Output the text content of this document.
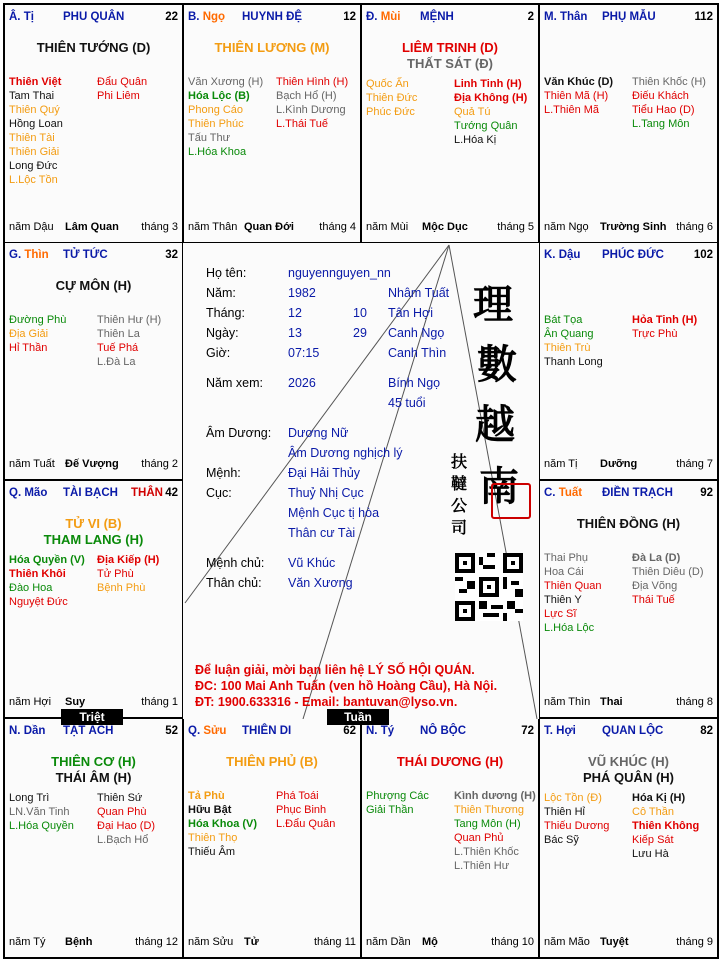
Â. Tị	PHU QUÂN	22
THIÊN TƯỚNG (D)
Thiên Việt
Tam Thai
Thiên Quý
Hồng Loan
Thiên Tài
Thiên Giải
Long Đức
L.Lộc Tồn
Đẩu Quân
Phi Liêm
năm Dậu Lâm Quan tháng 3
B. Ngọ HUYNH ĐỆ	12
THIÊN LƯƠNG (M)
Văn Xương (H)
Hóa Lộc (B)
Phong Cáo
Thiên Phúc
Tấu Thư
L.Hóa Khoa
Thiên Hình (H)
Bạch Hổ (H)
L.Kình Dương
L.Thái Tuế
năm Thân Quan Đới tháng 4
Đ. Mùi MỆNH	2
LIÊM TRINH (D)
THẤT SÁT (Đ)
Quốc Ấn
Thiên Đức
Phúc Đức
Linh Tinh (H)
Địa Không (H)
Quả Tú
Tướng Quân
L.Hóa Kị
năm Mùi Mộc Dục	tháng 5
M. Thân PHỤ MẪU	112
Văn Khúc (D)
Thiên Mã (H)
L.Thiên Mã
Thiên Khốc (H)
Điếu Khách
Tiểu Hao (D)
L.Tang Môn
năm Ngọ Trường Sinh tháng 6
G. Thìn TỬ TỨC	32
CỰ MÔN (H)
Đường Phù
Địa Giải
Hỉ Thần
Thiên Hư (H)
Thiên La
Tuế Phá
L.Đà La
năm Tuất Đế Vượng tháng 2
K. Dậu PHÚC ĐỨC	102
Bát Tọa
Ân Quang
Thiên Trù
Thanh Long
Hỏa Tinh (H)
Trực Phù
năm Tị Dưỡng	tháng 7
Q. Mão TÀI BẠCH THÂN 42
TỬ VI (B)
THAM LANG (H)
Hóa Quyền (V)
Thiên Khôi
Đào Hoa
Nguyệt Đức
Địa Kiếp (H)
Tử Phù
Bệnh Phù
năm Hợi Suy	tháng 1
C. Tuất ĐIỀN TRẠCH 92
THIÊN ĐỒNG (H)
Thai Phụ
Hoa Cái
Thiên Quan
Thiên Y
Lực Sĩ
L.Hóa Lộc
Đà La (D)
Thiên Diêu (D)
Địa Võng
Thái Tuế
năm Thìn Thai	tháng 8
N. Dần TẬT ÁCH	52
THIÊN CƠ (H)
THÁI ÂM (H)
Long Trì
LN.Văn Tinh
L.Hóa Quyền
Thiên Sứ
Quan Phù
Đại Hao (D)
L.Bạch Hổ
năm Tý Bệnh	tháng 12
Q. Sửu THIÊN DI	62
THIÊN PHỦ (B)
Tả Phù
Hữu Bật
Hóa Khoa (V)
Thiên Thọ
Thiếu Âm
Phá Toái
Phục Binh
L.Đẩu Quân
năm Sửu Tử	tháng 11
N. Tý NÔ BỘC	72
THÁI DƯƠNG (H)
Phượng Các
Giải Thần
Kình dương (H)
Thiên Thương
Tang Môn (H)
Quan Phủ
L.Thiên Khốc
L.Thiên Hư
năm Dần Mộ	tháng 10
T. Hợi QUAN LỘC	82
VŨ KHÚC (H)
PHÁ QUÂN (H)
Lộc Tồn (Đ)
Thiên Hỉ
Thiếu Dương
Bác Sỹ
Hóa Kị (H)
Cô Thần
Thiên Không
Kiếp Sát
Lưu Hà
năm Mão Tuyệt	tháng 9
Họ tên:	nguyennguyen_nn
Năm:	1982	Nhâm Tuất
Tháng:	12	10 Tân Hợi
Ngày:	13	29 Canh Ngọ
Giờ:	07:15	Canh Thìn
Năm xem: 2026	Bính Ngọ
45 tuổi
Âm Dương: Dương Nữ
Âm Dương nghịch lý
Mệnh:	Đại Hải Thủy
Cục:	Thuỷ Nhị Cục
Mệnh Cục tị hòa
Thân cư Tài
Mệnh chủ: Vũ Khúc
Thân chủ: Văn Xương
理
數
越
南
扶
韃
公
司
Để luận giải, mời bạn liên hệ LÝ SỐ HỘI QUÁN.
ĐC: 100 Mai Anh Tuấn (ven hồ Hoàng Cầu), Hà Nội.
ĐT: 1900.633316 - Email: bantuvan@lyso.vn.
Triệt	Tuần
